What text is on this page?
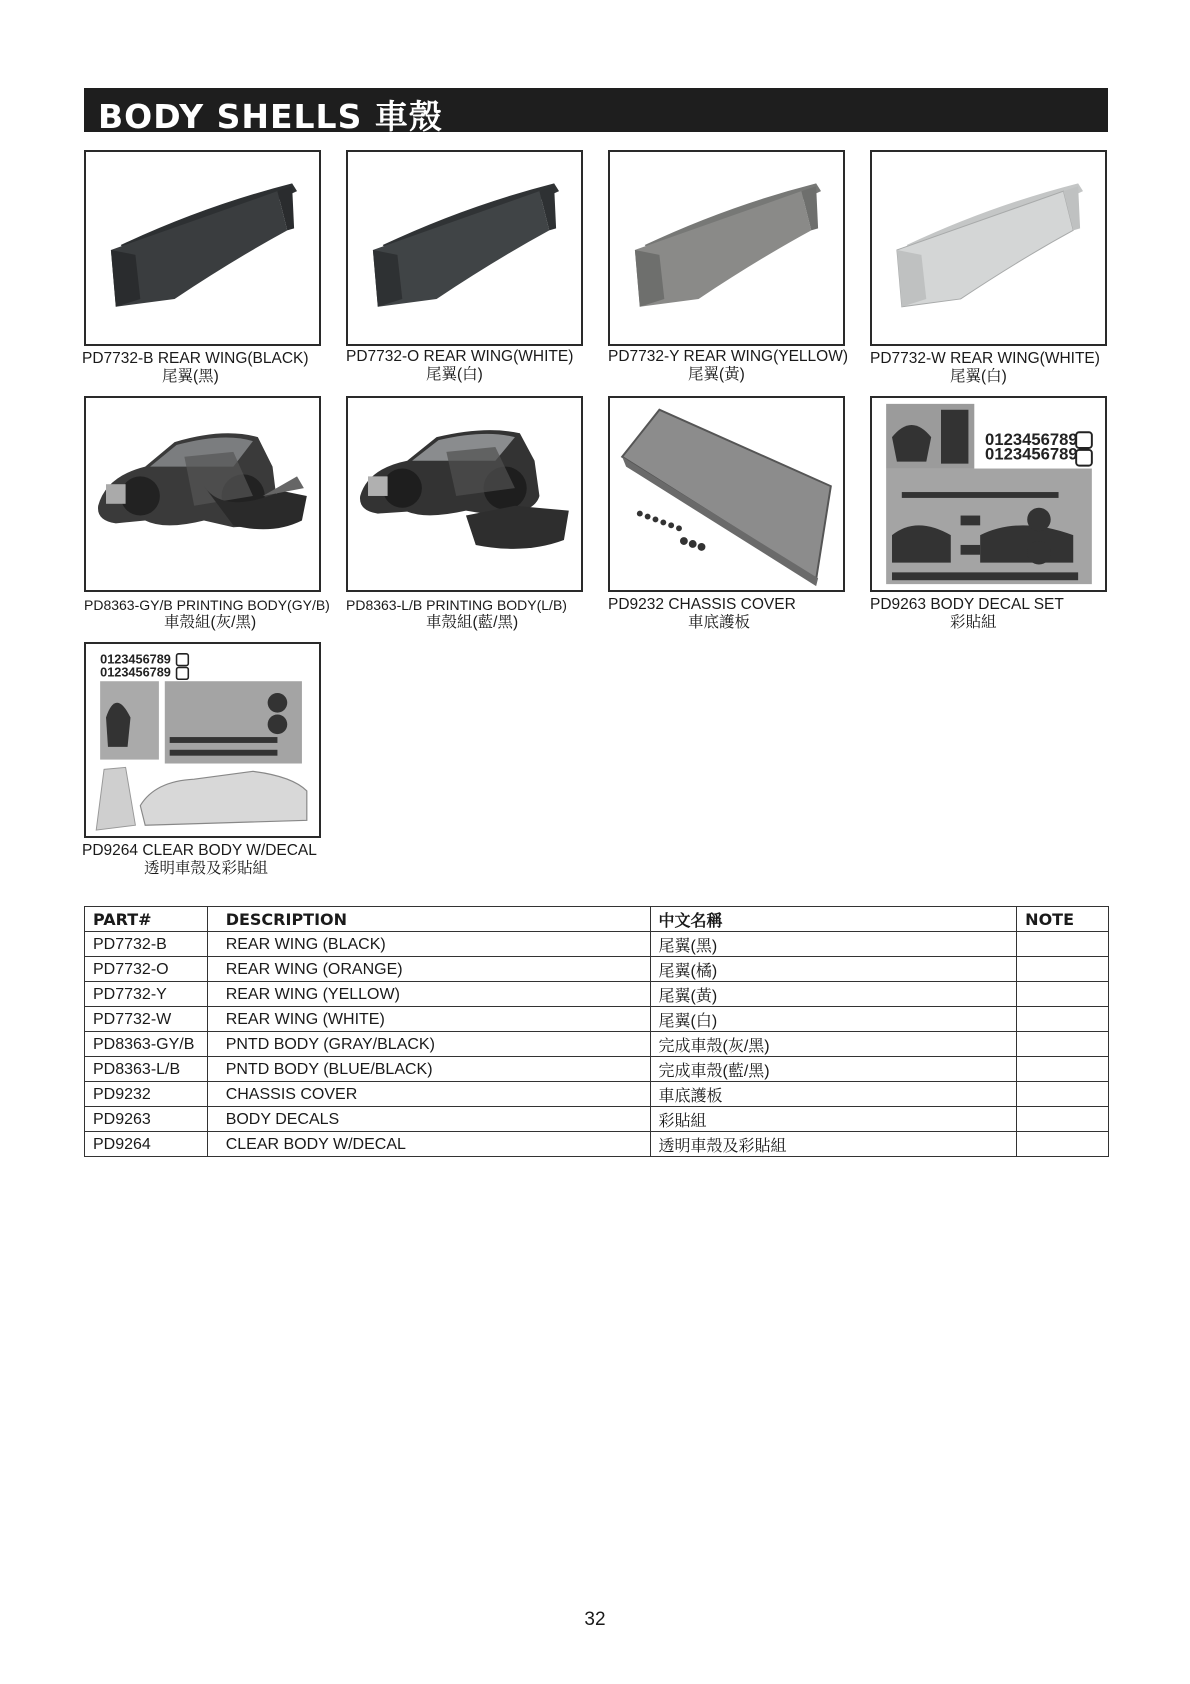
BODY SHELLS 車殼
PD7732-B REAR WING(BLACK)
尾翼(黑)
PD7732-O REAR WING(WHITE)
尾翼(白)
PD7732-Y REAR WING(YELLOW)
尾翼(黃)
PD7732-W REAR WING(WHITE)
尾翼(白)
PD8363-GY/B PRINTING BODY(GY/B)
車殼組(灰/黑)
PD8363-L/B PRINTING BODY(L/B)
車殼組(藍/黑)
PD9232 CHASSIS COVER
車底護板
0123456789
0123456789
PD9263 BODY DECAL SET
彩貼組
0123456789
0123456789
PD9264 CLEAR BODY W/DECAL
透明車殼及彩貼組
PART#	DESCRIPTION	中文名稱	NOTE
PD7732-B	REAR WING (BLACK)	尾翼(黑)	
PD7732-O	REAR WING (ORANGE)	尾翼(橘)	
PD7732-Y	REAR WING (YELLOW)	尾翼(黃)	
PD7732-W	REAR WING (WHITE)	尾翼(白)	
PD8363-GY/B	PNTD BODY (GRAY/BLACK)	完成車殼(灰/黑)	
PD8363-L/B	PNTD BODY (BLUE/BLACK)	完成車殼(藍/黑)	
PD9232	CHASSIS COVER	車底護板	
PD9263	BODY DECALS	彩貼組	
PD9264	CLEAR BODY W/DECAL	透明車殼及彩貼組	
32
